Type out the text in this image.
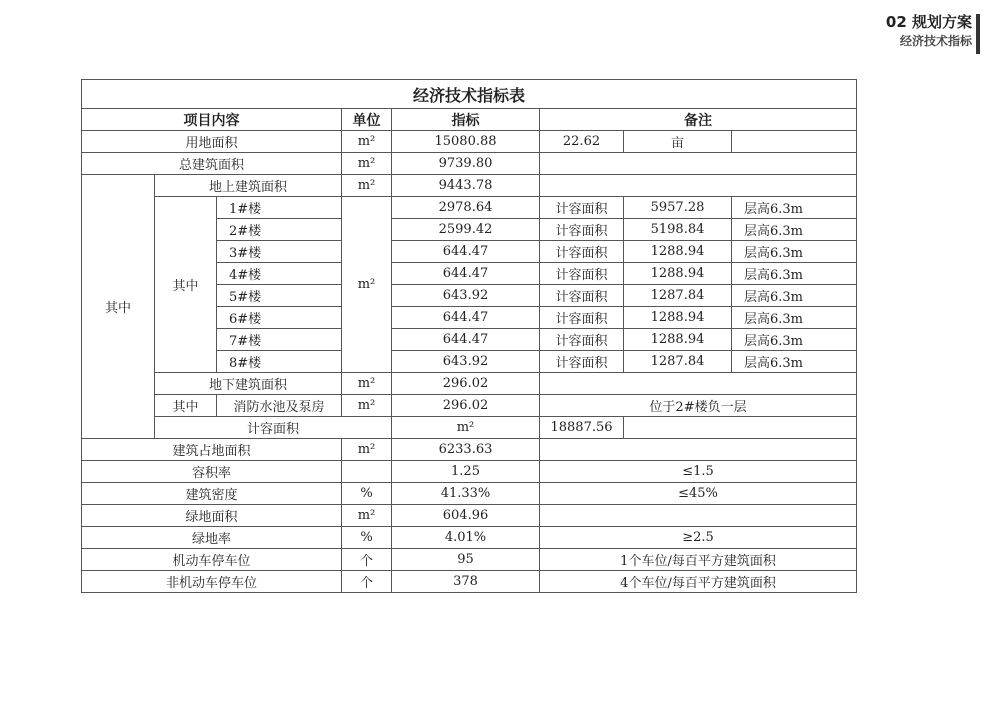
02 规划方案
经济技术指标
经济技术指标表							
项目内容			单位	指标	备注		
用地面积			m²	15080.88	22.62	亩	
总建筑面积			m²	9739.80			
其中	地上建筑面积		m²	9443.78			
	其中	1#楼	m²	2978.64	计容面积	5957.28	层高6.3m
		2#楼		2599.42	计容面积	5198.84	层高6.3m
		3#楼		644.47	计容面积	1288.94	层高6.3m
		4#楼		644.47	计容面积	1288.94	层高6.3m
		5#楼		643.92	计容面积	1287.84	层高6.3m
		6#楼		644.47	计容面积	1288.94	层高6.3m
		7#楼		644.47	计容面积	1288.94	层高6.3m
		8#楼		643.92	计容面积	1287.84	层高6.3m
	地下建筑面积		m²	296.02			
	其中	消防水池及泵房	m²	296.02	位于2#楼负一层		
	计容面积			m²	18887.56		
建筑占地面积			m²	6233.63			
容积率				1.25	≤1.5		
建筑密度			%	41.33%	≤45%		
绿地面积			m²	604.96			
绿地率			%	4.01%	≥2.5		
机动车停车位			个	95	1个车位/每百平方建筑面积		
非机动车停车位			个	378	4个车位/每百平方建筑面积		
